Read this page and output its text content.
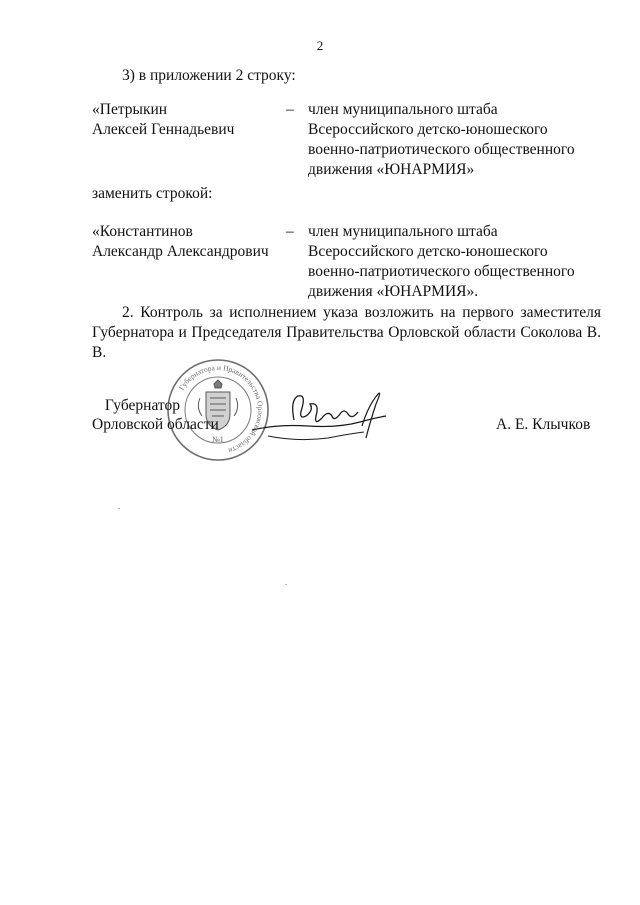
2
3) в приложении 2 строку:
«Петрыкин
Алексей Геннадьевич
– член муниципального штаба
Всероссийского детско-юношеского
военно-патриотического общественного
движения «ЮНАРМИЯ»
заменить строкой:
«Константинов
Александр Александрович
– член муниципального штаба
Всероссийского детско-юношеского
военно-патриотического общественного
движения «ЮНАРМИЯ».
2. Контроль за исполнением указа возложить на первого заместителя Губернатора и Председателя Правительства Орловской области Соколова В. В.
Губернатора и Правительства Орловской области
№1
Губернатор
Орловской области	А. Е. Клычков
